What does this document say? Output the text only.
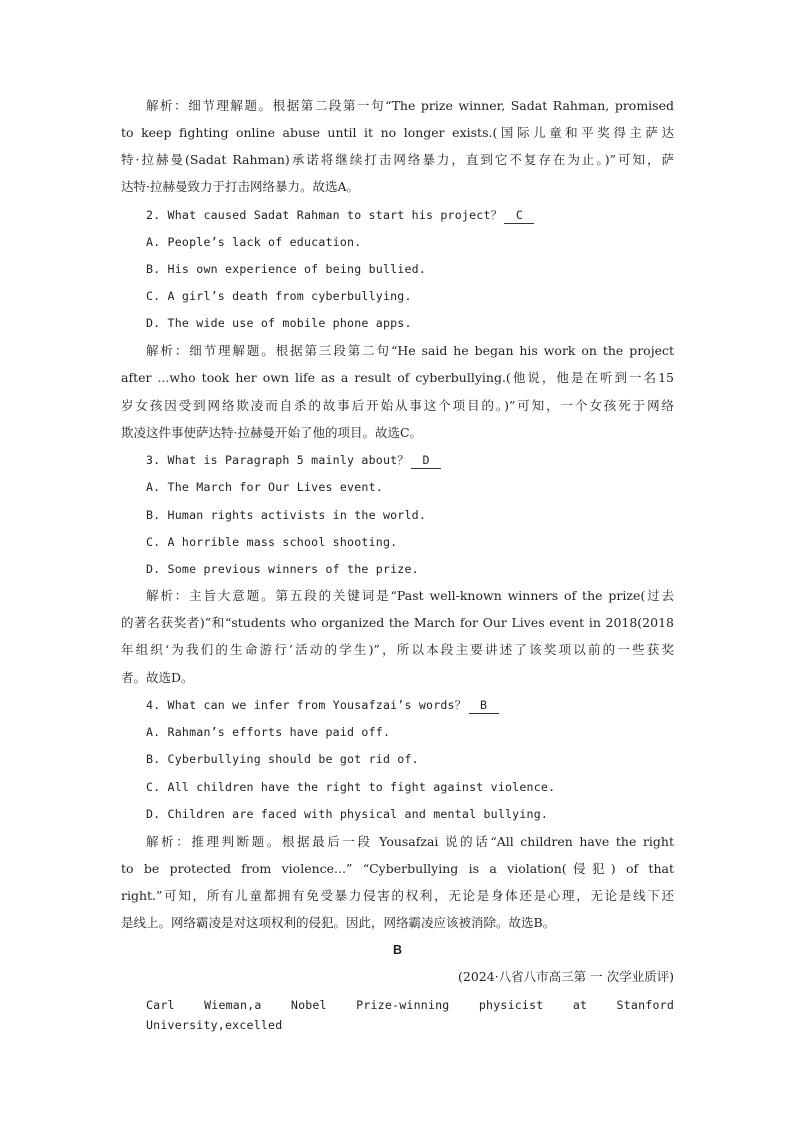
解析：细节理解题。根据第二段第一句“The prize winner, Sadat Rahman, promised
to keep fighting online abuse until it no longer exists.(国际儿童和平奖得主萨达
特·拉赫曼(Sadat Rahman)承诺将继续打击网络暴力，直到它不复存在为止。)”可知，萨
达特·拉赫曼致力于打击网络暴力。故选A。
2. What caused Sadat Rahman to start his project？ C
A. People’s lack of education.
B. His own experience of being bullied.
C. A girl’s death from cyberbullying.
D. The wide use of mobile phone apps.
解析：细节理解题。根据第三段第二句“He said he began his work on the project
after ...who took her own life as a result of cyberbullying.(他说，他是在听到一名15
岁女孩因受到网络欺凌而自杀的故事后开始从事这个项目的。)”可知，一个女孩死于网络
欺凌这件事使萨达特·拉赫曼开始了他的项目。故选C。
3. What is Paragraph 5 mainly about？ D
A. The March for Our Lives event.
B. Human rights activists in the world.
C. A horrible mass school shooting.
D. Some previous winners of the prize.
解析：主旨大意题。第五段的关键词是“Past well-known winners of the prize(过去
的著名获奖者)”和“students who organized the March for Our Lives event in 2018(2018
年组织‘为我们的生命游行’活动的学生)”，所以本段主要讲述了该奖项以前的一些获奖
者。故选D。
4. What can we infer from Yousafzai’s words？ B
A. Rahman’s efforts have paid off.
B. Cyberbullying should be got rid of.
C. All children have the right to fight against violence.
D. Children are faced with physical and mental bullying.
解析：推理判断题。根据最后一段 Yousafzai 说的话“All children have the right
to be protected from violence...” “Cyberbullying is a violation(侵犯) of that
right.”可知，所有儿童都拥有免受暴力侵害的权利，无论是身体还是心理，无论是线下还
是线上。网络霸凌是对这项权利的侵犯。因此，网络霸凌应该被消除。故选B。
B
(2024·八省八市高三第 一 次学业质评)
Carl Wieman,a Nobel Prize-winning physicist at Stanford University,excelled
